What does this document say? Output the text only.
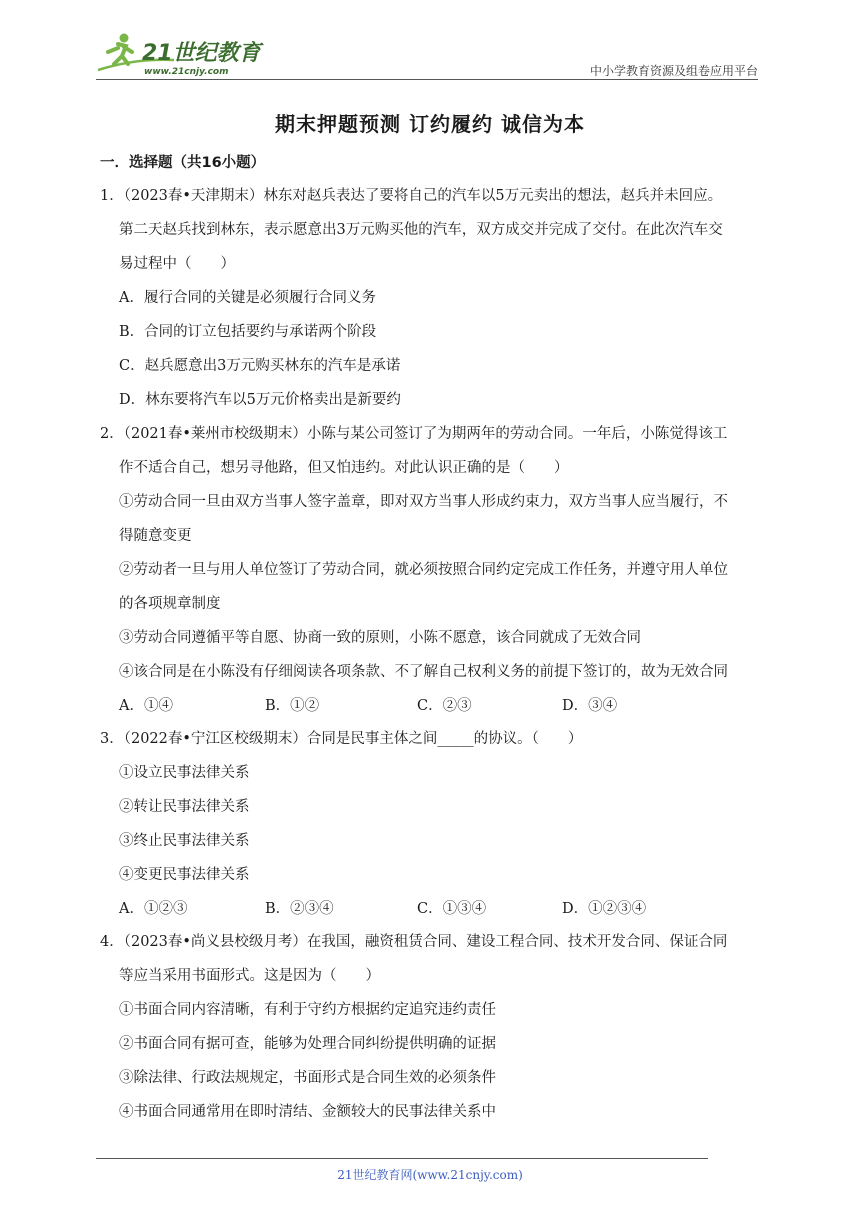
21世纪教育
www.21cnjy.com	中小学教育资源及组卷应用平台
期末押题预测 订约履约 诚信为本
一．选择题（共16小题）
1．（2023春•天津期末）林东对赵兵表达了要将自己的汽车以5万元卖出的想法，赵兵并未回应。
第二天赵兵找到林东，表示愿意出3万元购买他的汽车，双方成交并完成了交付。在此次汽车交
易过程中（　　）
A．履行合同的关键是必须履行合同义务
B．合同的订立包括要约与承诺两个阶段
C．赵兵愿意出3万元购买林东的汽车是承诺
D．林东要将汽车以5万元价格卖出是新要约
2．（2021春•莱州市校级期末）小陈与某公司签订了为期两年的劳动合同。一年后，小陈觉得该工
作不适合自己，想另寻他路，但又怕违约。对此认识正确的是（　　）
①劳动合同一旦由双方当事人签字盖章，即对双方当事人形成约束力，双方当事人应当履行，不
得随意变更
②劳动者一旦与用人单位签订了劳动合同，就必须按照合同约定完成工作任务，并遵守用人单位
的各项规章制度
③劳动合同遵循平等自愿、协商一致的原则，小陈不愿意，该合同就成了无效合同
④该合同是在小陈没有仔细阅读各项条款、不了解自己权利义务的前提下签订的，故为无效合同
A．①④	B．①②	C．②③	D．③④
3．（2022春•宁江区校级期末）合同是民事主体之间_____的协议。（　　）
①设立民事法律关系
②转让民事法律关系
③终止民事法律关系
④变更民事法律关系
A．①②③	B．②③④	C．①③④	D．①②③④
4．（2023春•尚义县校级月考）在我国，融资租赁合同、建设工程合同、技术开发合同、保证合同
等应当采用书面形式。这是因为（　　）
①书面合同内容清晰，有利于守约方根据约定追究违约责任
②书面合同有据可查，能够为处理合同纠纷提供明确的证据
③除法律、行政法规规定，书面形式是合同生效的必须条件
④书面合同通常用在即时清结、金额较大的民事法律关系中
21世纪教育网(www.21cnjy.com)
